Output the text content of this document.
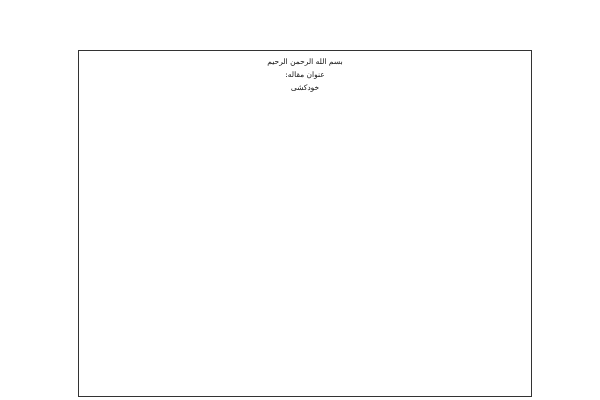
بسم الله الرحمن الرحیم
عنوان مقاله:
خودکشی
